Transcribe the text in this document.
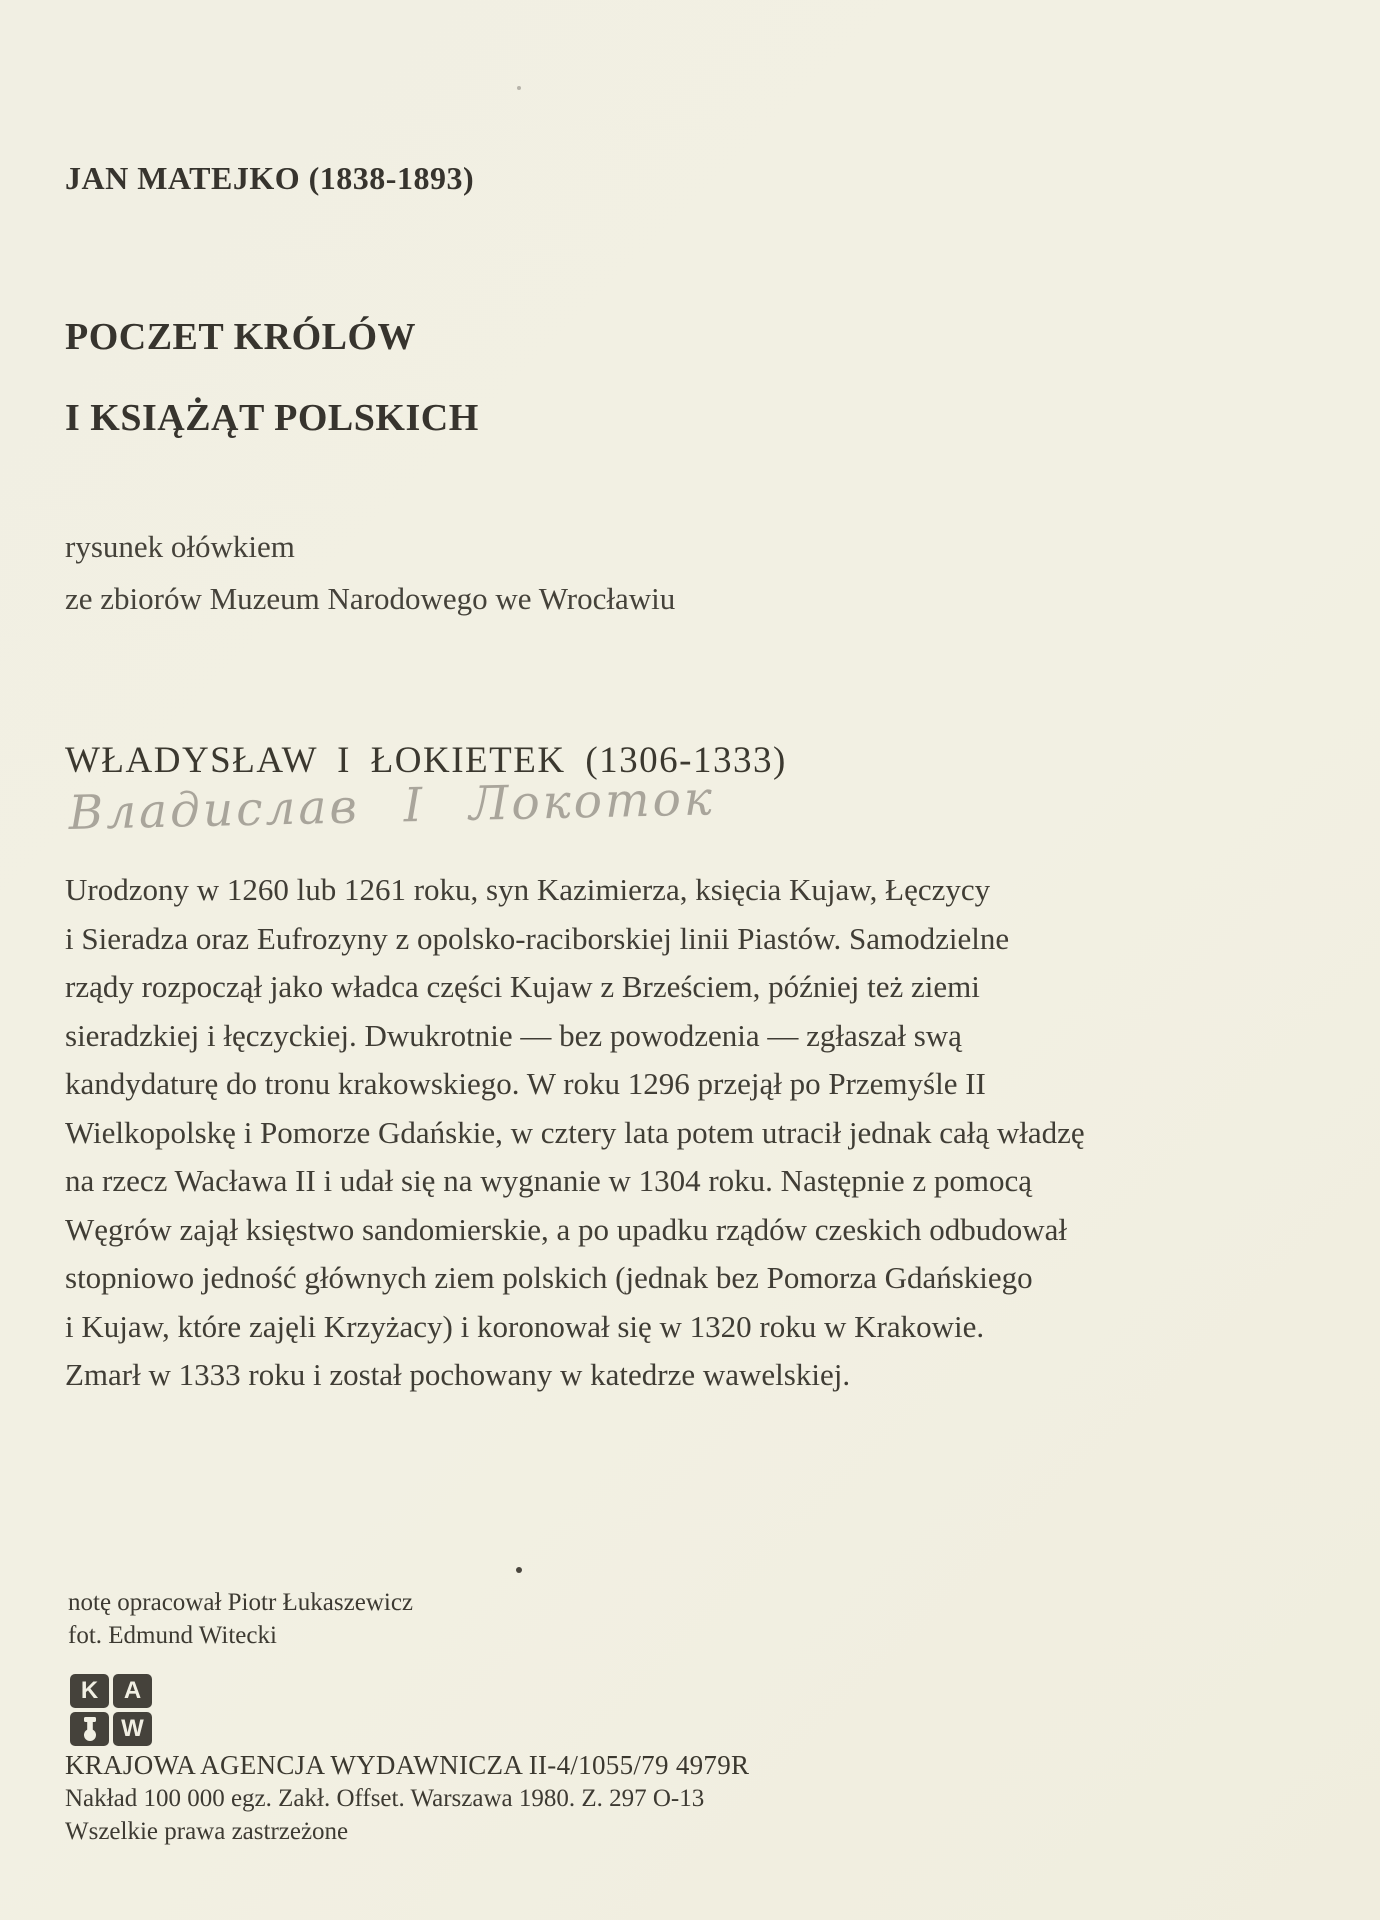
JAN MATEJKO (1838-1893)
POCZET KRÓLÓW
I KSIĄŻĄT POLSKICH
rysunek ołówkiem
ze zbiorów Muzeum Narodowego we Wrocławiu
WŁADYSŁAW I ŁOKIETEK (1306-1333)
Владислав I Локоток
Urodzony w 1260 lub 1261 roku, syn Kazimierza, księcia Kujaw, Łęczycy
i Sieradza oraz Eufrozyny z opolsko-raciborskiej linii Piastów. Samodzielne
rządy rozpoczął jako władca części Kujaw z Brześciem, później też ziemi
sieradzkiej i łęczyckiej. Dwukrotnie — bez powodzenia — zgłaszał swą
kandydaturę do tronu krakowskiego. W roku 1296 przejął po Przemyśle II
Wielkopolskę i Pomorze Gdańskie, w cztery lata potem utracił jednak całą władzę
na rzecz Wacława II i udał się na wygnanie w 1304 roku. Następnie z pomocą
Węgrów zajął księstwo sandomierskie, a po upadku rządów czeskich odbudował
stopniowo jedność głównych ziem polskich (jednak bez Pomorza Gdańskiego
i Kujaw, które zajęli Krzyżacy) i koronował się w 1320 roku w Krakowie.
Zmarł w 1333 roku i został pochowany w katedrze wawelskiej.
notę opracował Piotr Łukaszewicz
fot. Edmund Witecki
K	A
W
KRAJOWA AGENCJA WYDAWNICZA II-4/1055/79 4979R
Nakład 100 000 egz. Zakł. Offset. Warszawa 1980. Z. 297 O-13
Wszelkie prawa zastrzeżone
